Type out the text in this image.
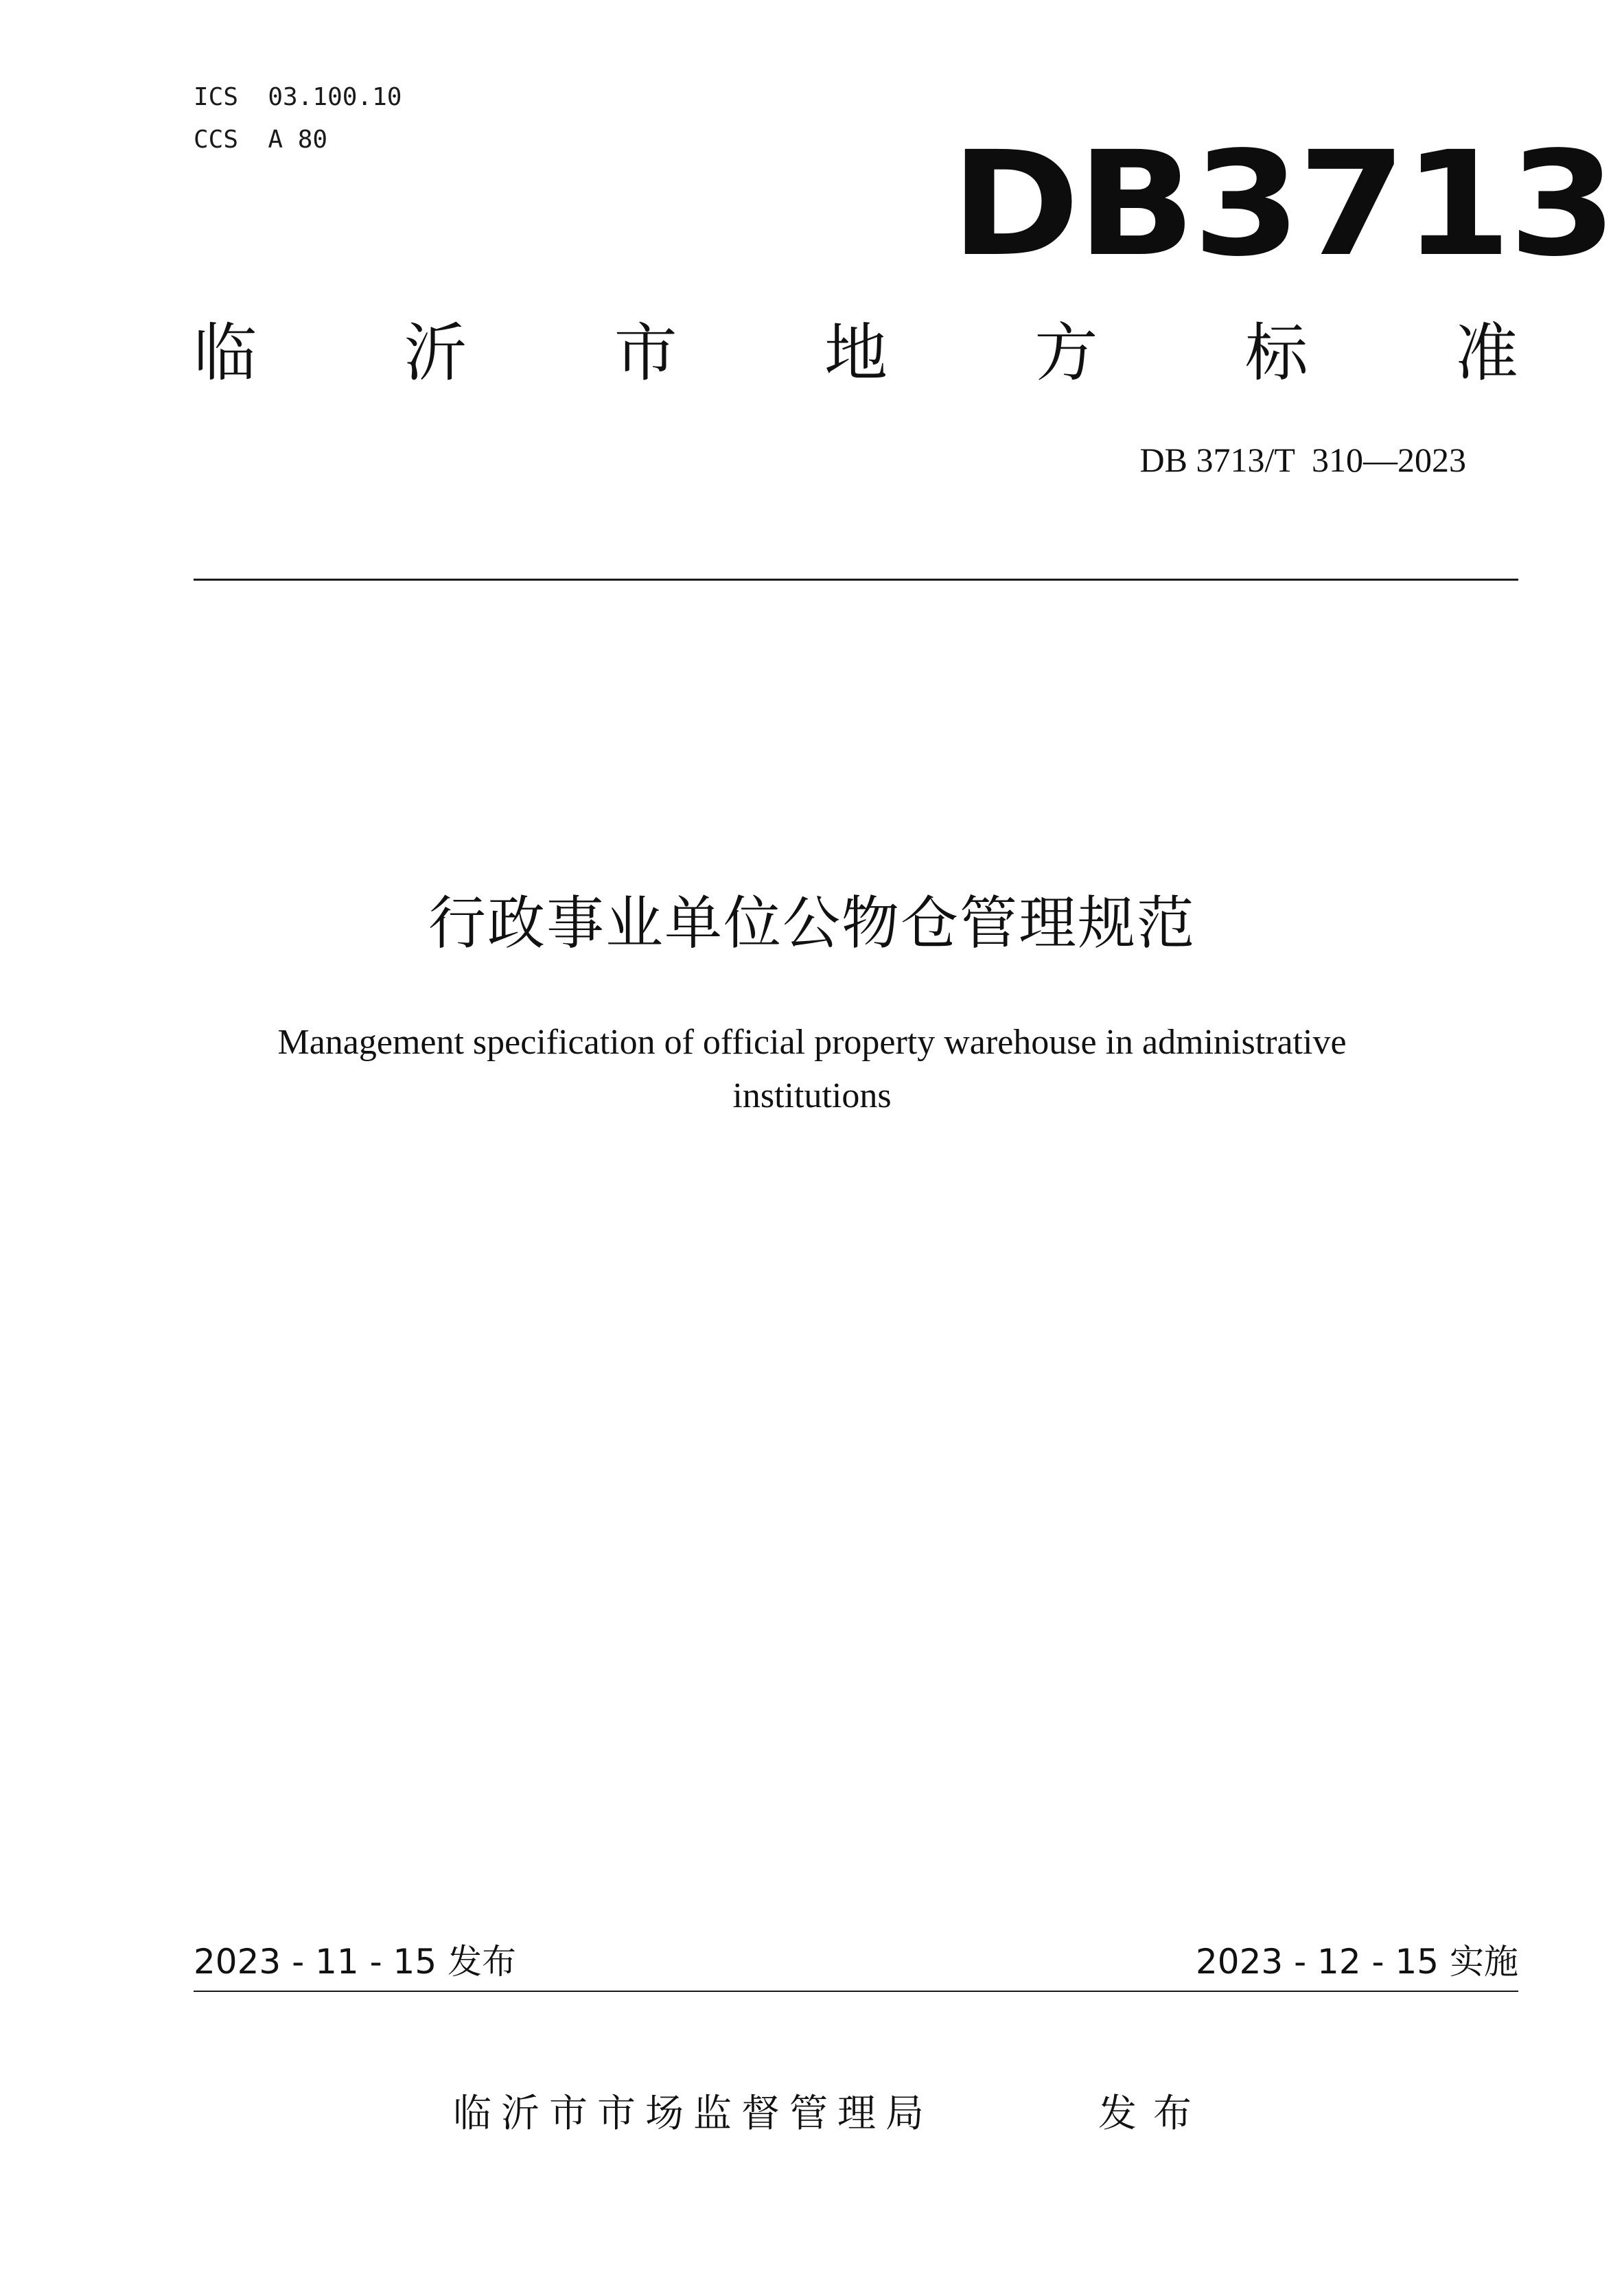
ICS  03.100.10
CCS  A 80	DB3713
临 沂 市 地 方 标 准
DB 3713/T  310—2023
行政事业单位公物仓管理规范
Management specification of official property warehouse in administrative institutions
2023 - 11 - 15 发布	2023 - 12 - 15 实施
临沂市市场监督管理局	发布
